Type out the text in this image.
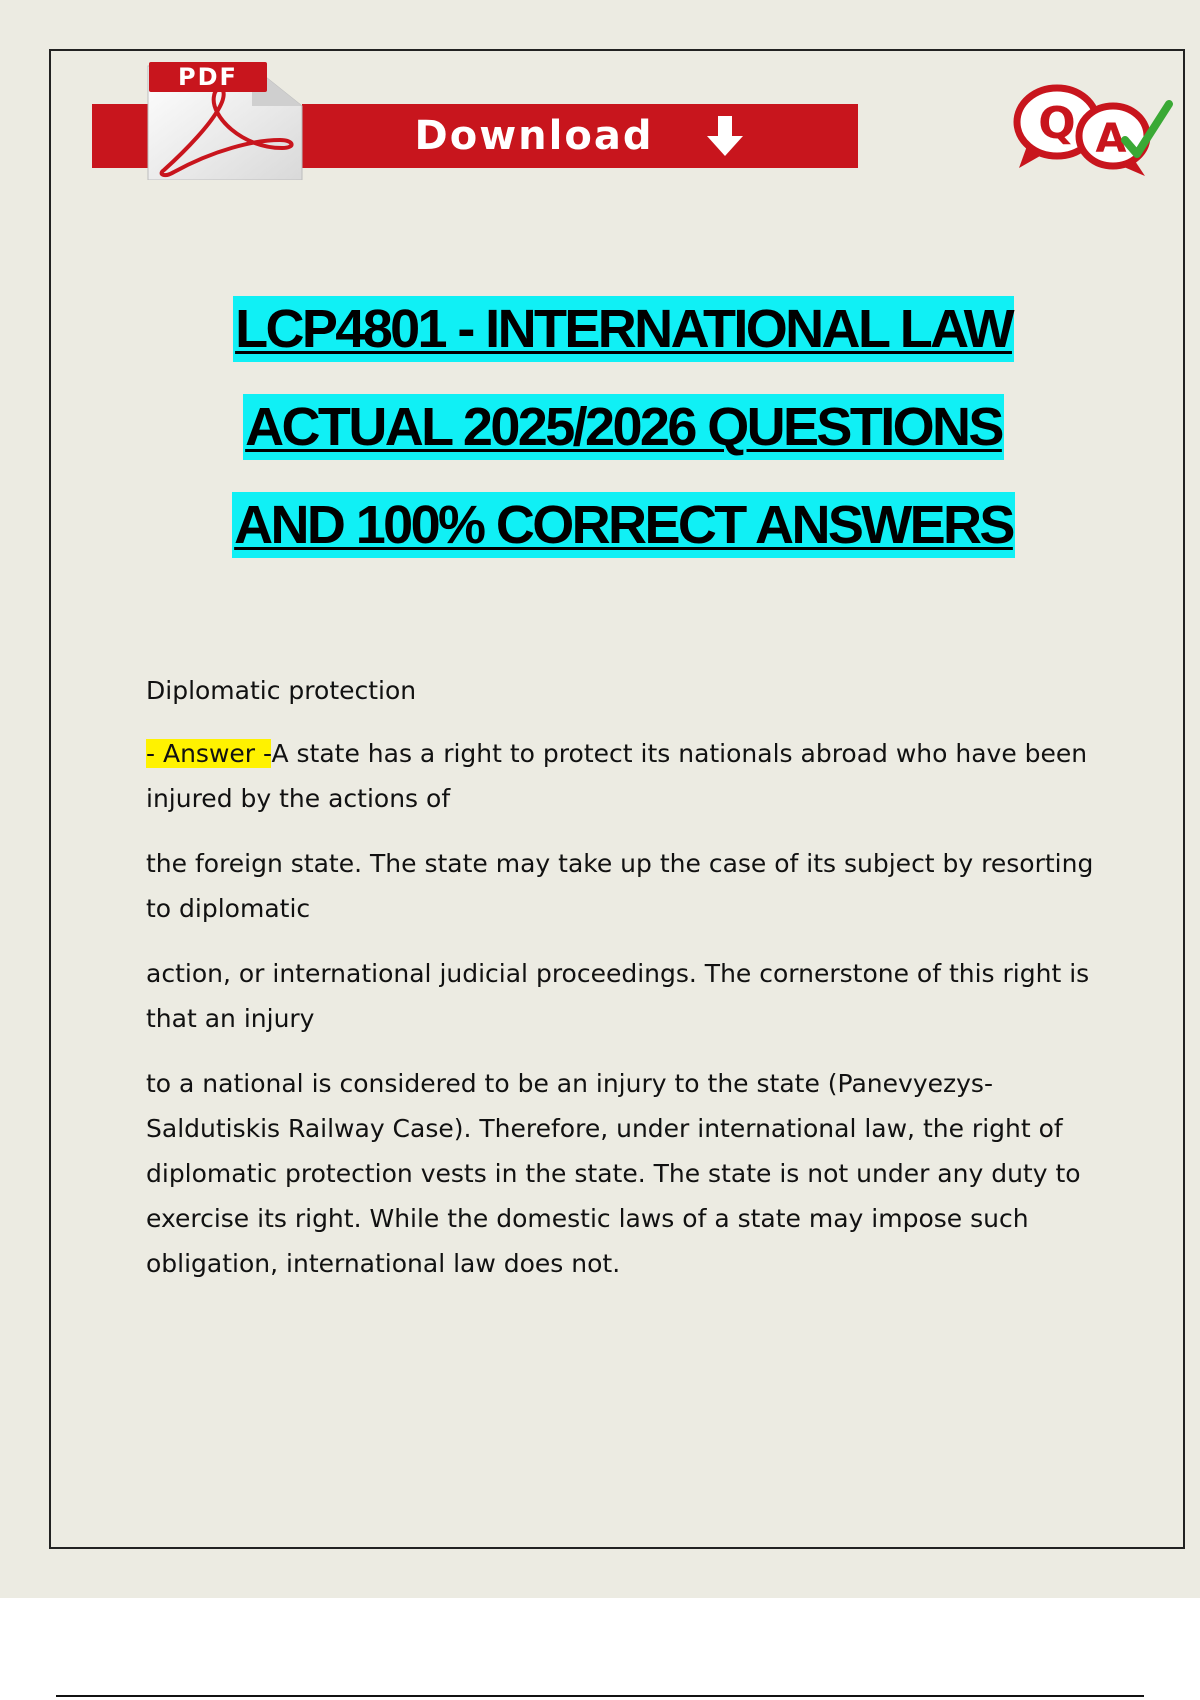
Download
PDF
Q A
LCP4801 - INTERNATIONAL LAW
ACTUAL 2025/2026 QUESTIONS
AND 100% CORRECT ANSWERS

Diplomatic protection

- Answer -A state has a right to protect its nationals abroad who have been injured by the actions of

the foreign state. The state may take up the case of its subject by resorting to diplomatic

action, or international judicial proceedings. The cornerstone of this right is that an injury

to a national is considered to be an injury to the state (Panevyezys-Saldutiskis Railway Case). Therefore, under international law, the right of diplomatic protection vests in the state. The state is not under any duty to exercise its right. While the domestic laws of a state may impose such obligation, international law does not.
